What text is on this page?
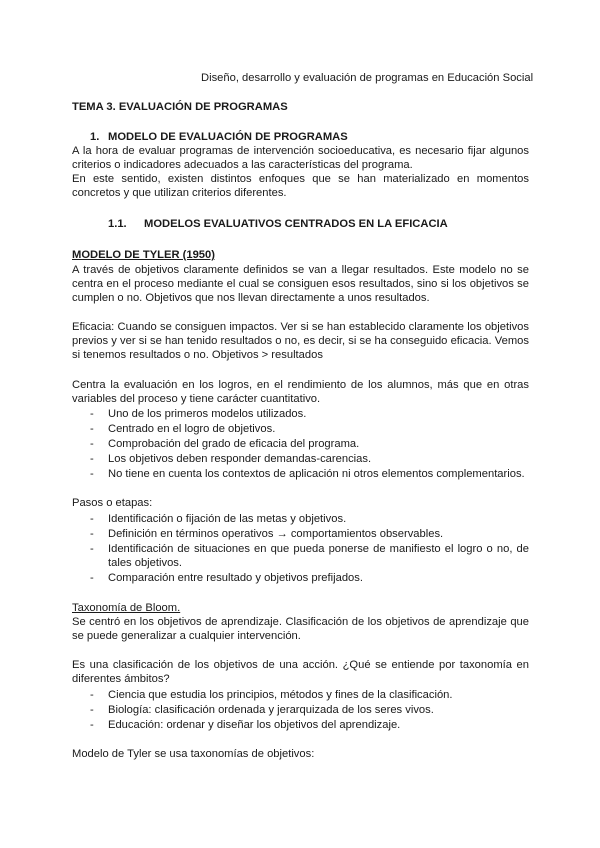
Diseño, desarrollo y evaluación de programas en Educación Social
TEMA 3. EVALUACIÓN DE PROGRAMAS
1. MODELO DE EVALUACIÓN DE PROGRAMAS
A la hora de evaluar programas de intervención socioeducativa, es necesario fijar algunos
criterios o indicadores adecuados a las características del programa.
En este sentido, existen distintos enfoques que se han materializado en momentos
concretos y que utilizan criterios diferentes.
1.1. MODELOS EVALUATIVOS CENTRADOS EN LA EFICACIA
MODELO DE TYLER (1950)
A través de objetivos claramente definidos se van a llegar resultados. Este modelo no se
centra en el proceso mediante el cual se consiguen esos resultados, sino si los objetivos se
cumplen o no. Objetivos que nos llevan directamente a unos resultados.
Eficacia: Cuando se consiguen impactos. Ver si se han establecido claramente los objetivos
previos y ver si se han tenido resultados o no, es decir, si se ha conseguido eficacia. Vemos
si tenemos resultados o no. Objetivos > resultados
Centra la evaluación en los logros, en el rendimiento de los alumnos, más que en otras
variables del proceso y tiene carácter cuantitativo.
- Uno de los primeros modelos utilizados.
- Centrado en el logro de objetivos.
- Comprobación del grado de eficacia del programa.
- Los objetivos deben responder demandas-carencias.
- No tiene en cuenta los contextos de aplicación ni otros elementos complementarios.
Pasos o etapas:
- Identificación o fijación de las metas y objetivos.
- Definición en términos operativos → comportamientos observables.
- Identificación de situaciones en que pueda ponerse de manifiesto el logro o no, de
tales objetivos.
- Comparación entre resultado y objetivos prefijados.
Taxonomía de Bloom.
Se centró en los objetivos de aprendizaje. Clasificación de los objetivos de aprendizaje que
se puede generalizar a cualquier intervención.
Es una clasificación de los objetivos de una acción. ¿Qué se entiende por taxonomía en
diferentes ámbitos?
- Ciencia que estudia los principios, métodos y fines de la clasificación.
- Biología: clasificación ordenada y jerarquizada de los seres vivos.
- Educación: ordenar y diseñar los objetivos del aprendizaje.
Modelo de Tyler se usa taxonomías de objetivos:
